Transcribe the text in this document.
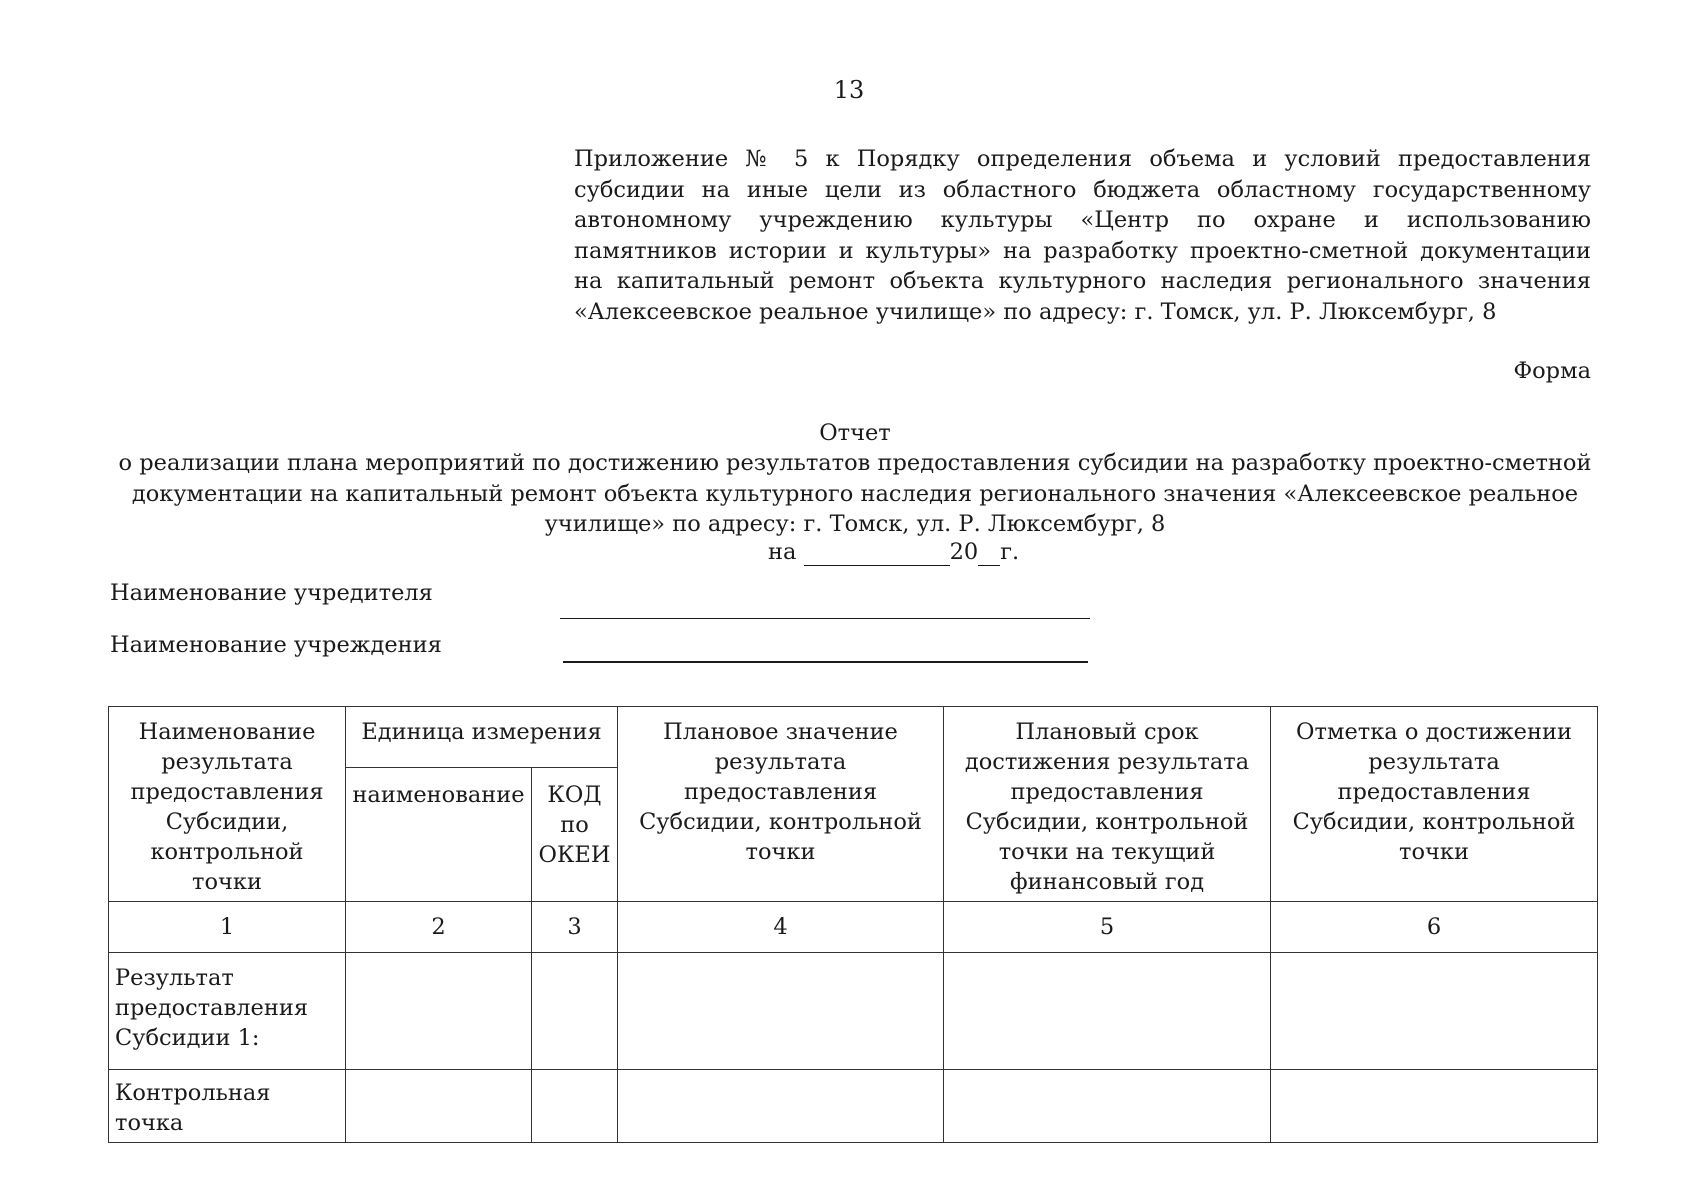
13
Приложение № 5 к Порядку определения объема и условий предоставления субсидии на иные цели из областного бюджета областному государственному автономному учреждению культуры «Центр по охране и использованию памятников истории и культуры» на разработку проектно-сметной документации на капитальный ремонт объекта культурного наследия регионального значения «Алексеевское реальное училище» по адресу: г. Томск, ул. Р. Люксембург, 8
Форма
Отчет
о реализации плана мероприятий по достижению результатов предоставления субсидии на разработку проектно-сметной документации на капитальный ремонт объекта культурного наследия регионального значения «Алексеевское реальное училище» по адресу: г. Томск, ул. Р. Люксембург, 8
на	20 г.
Наименование учредителя
Наименование учреждения
Наименование результата предоставления Субсидии, контрольной точки	Единица измерения		Плановое значение результата предоставления Субсидии, контрольной точки	Плановый срок достижения результата предоставления Субсидии, контрольной точки на текущий финансовый год	Отметка о достижении результата предоставления Субсидии, контрольной точки
	наименование	КОД по ОКЕИ			
1	2	3	4	5	6
Результат предоставления Субсидии 1:					
Контрольная точка					
